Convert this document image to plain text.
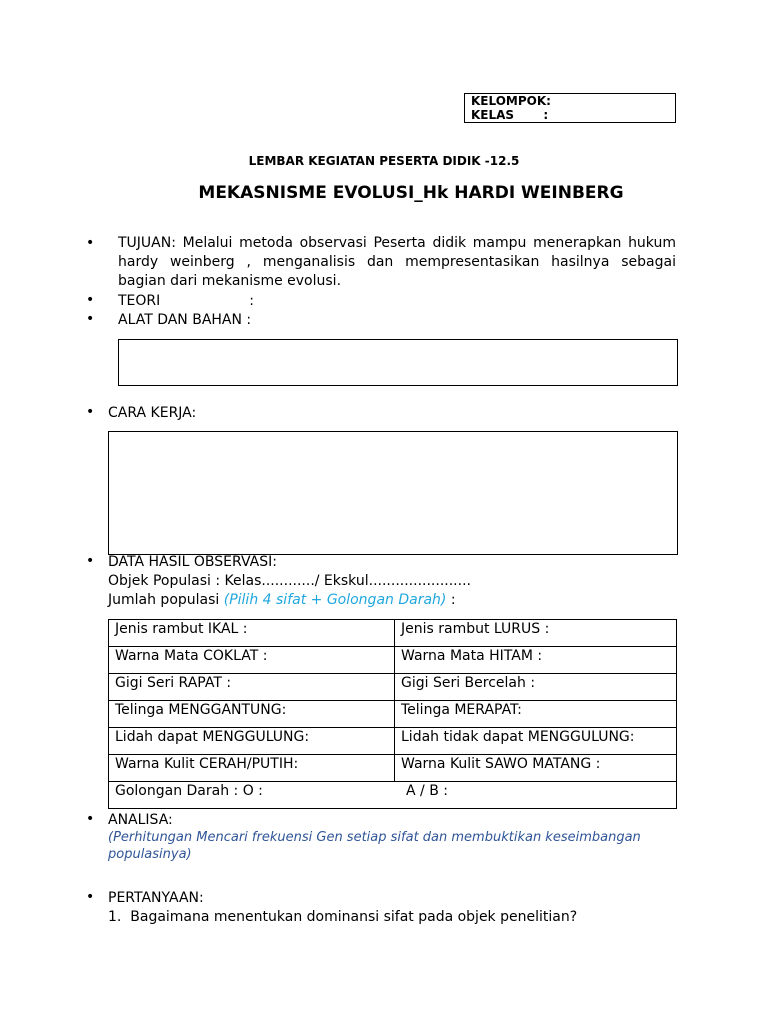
KELOMPOK:
KELAS       :
LEMBAR KEGIATAN PESERTA DIDIK -12.5
MEKASNISME EVOLUSI_Hk HARDI WEINBERG
• TUJUAN: Melalui metoda observasi Peserta didik mampu menerapkan hukum hardy weinberg , menganalisis dan mempresentasikan hasilnya sebagai bagian dari mekanisme evolusi.
• TEORI                    :
• ALAT DAN BAHAN :
• CARA KERJA:
• DATA HASIL OBSERVASI:
Objek Populasi : Kelas............/ Ekskul.......................
Jumlah populasi (Pilih 4 sifat + Golongan Darah) :
Jenis rambut IKAL :	Jenis rambut LURUS :
Warna Mata COKLAT :	Warna Mata HITAM :
Gigi Seri RAPAT :	Gigi Seri Bercelah :
Telinga MENGGANTUNG:	Telinga MERAPAT:
Lidah dapat MENGGULUNG:	Lidah tidak dapat MENGGULUNG:
Warna Kulit CERAH/PUTIH:	Warna Kulit SAWO MATANG :
Golongan Darah : O : A / B :	
• ANALISA:
(Perhitungan Mencari frekuensi Gen setiap sifat dan membuktikan keseimbangan populasinya)
• PERTANYAAN:
1.  Bagaimana menentukan dominansi sifat pada objek penelitian?
